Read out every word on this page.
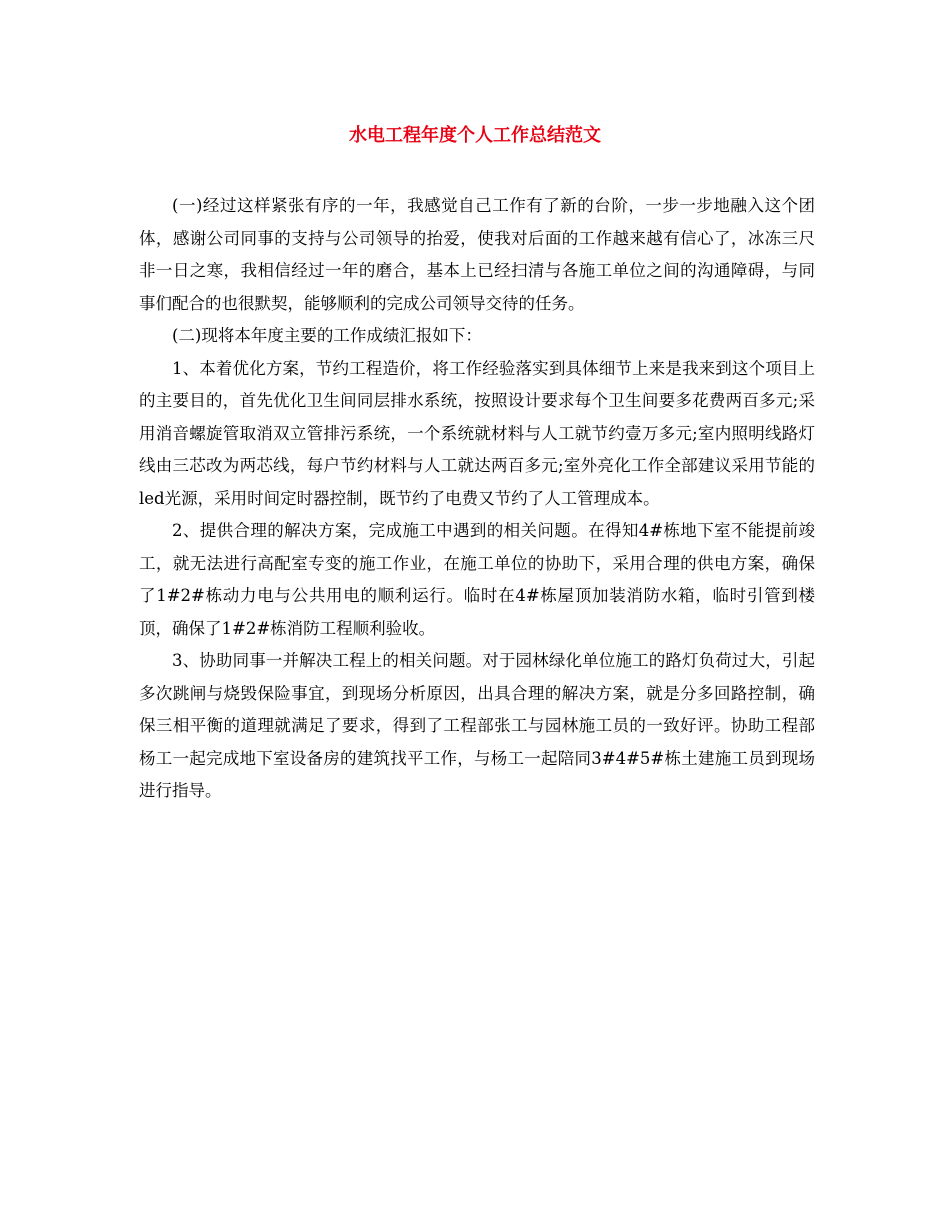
水电工程年度个人工作总结范文

(一)经过这样紧张有序的一年，我感觉自己工作有了新的台阶，一步一步地融入这个团体，感谢公司同事的支持与公司领导的抬爱，使我对后面的工作越来越有信心了，冰冻三尺非一日之寒，我相信经过一年的磨合，基本上已经扫清与各施工单位之间的沟通障碍，与同事们配合的也很默契，能够顺利的完成公司领导交待的任务。

(二)现将本年度主要的工作成绩汇报如下：

1、本着优化方案，节约工程造价，将工作经验落实到具体细节上来是我来到这个项目上的主要目的，首先优化卫生间同层排水系统，按照设计要求每个卫生间要多花费两百多元;采用消音螺旋管取消双立管排污系统，一个系统就材料与人工就节约壹万多元;室内照明线路灯线由三芯改为两芯线，每户节约材料与人工就达两百多元;室外亮化工作全部建议采用节能的led光源，采用时间定时器控制，既节约了电费又节约了人工管理成本。

2、提供合理的解决方案，完成施工中遇到的相关问题。在得知4#栋地下室不能提前竣工，就无法进行高配室专变的施工作业，在施工单位的协助下，采用合理的供电方案，确保了1#2#栋动力电与公共用电的顺利运行。临时在4#栋屋顶加装消防水箱，临时引管到楼顶，确保了1#2#栋消防工程顺利验收。

3、协助同事一并解决工程上的相关问题。对于园林绿化单位施工的路灯负荷过大，引起多次跳闸与烧毁保险事宜，到现场分析原因，出具合理的解决方案，就是分多回路控制，确保三相平衡的道理就满足了要求，得到了工程部张工与园林施工员的一致好评。协助工程部杨工一起完成地下室设备房的建筑找平工作，与杨工一起陪同3#4#5#栋土建施工员到现场进行指导。
